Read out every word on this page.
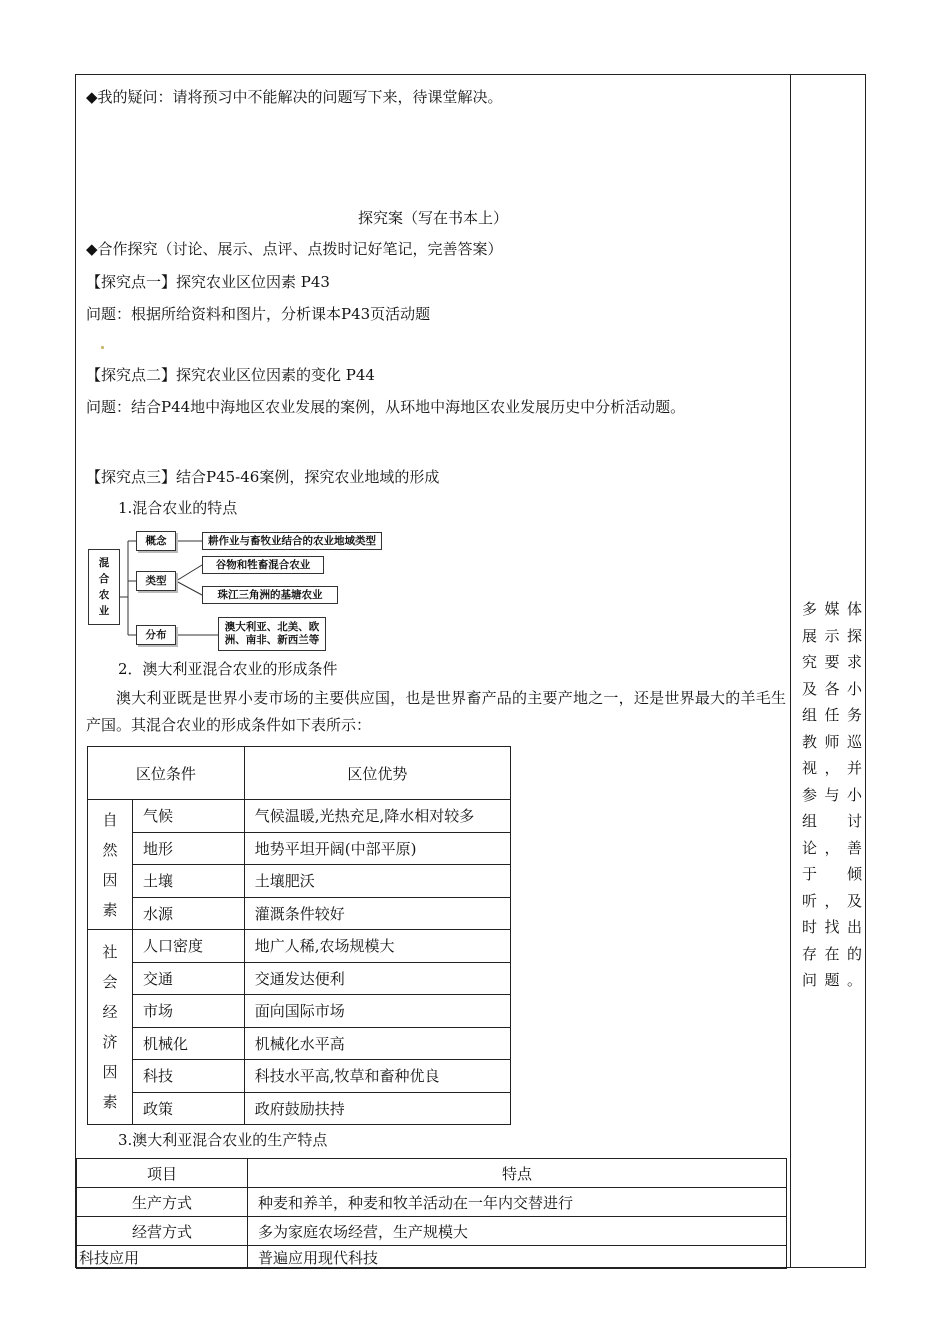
◆我的疑问：请将预习中不能解决的问题写下来，待课堂解决。
探究案（写在书本上）
◆合作探究（讨论、展示、点评、点拨时记好笔记，完善答案）
【探究点一】探究农业区位因素 P43
问题：根据所给资料和图片，分析课本P43页活动题
【探究点二】探究农业区位因素的变化 P44
问题：结合P44地中海地区农业发展的案例，从环地中海地区农业发展历史中分析活动题。
【探究点三】结合P45-46案例，探究农业地域的形成
1.混合农业的特点
混合农业
概念	耕作业与畜牧业结合的农业地域类型
类型
谷物和牲畜混合农业
珠江三角洲的基塘农业
分布
澳大利亚、北美、欧洲、南非、新西兰等
2．澳大利亚混合农业的形成条件
澳大利亚既是世界小麦市场的主要供应国，也是世界畜产品的主要产地之一，还是世界最大的羊毛生产国。其混合农业的形成条件如下表所示：
区位条件		区位优势

自然因素	气候	气候温暖,光热充足,降水相对较多
	地形	地势平坦开阔(中部平原)
	土壤	土壤肥沃
	水源	灌溉条件较好

社会经济因素	人口密度	地广人稀,农场规模大
	交通	交通发达便利
	市场	面向国际市场
	机械化	机械化水平高
	科技	科技水平高,牧草和畜种优良
	政策	政府鼓励扶持
3.澳大利亚混合农业的生产特点
项目	特点
生产方式	种麦和养羊，种麦和牧羊活动在一年内交替进行
经营方式	多为家庭农场经营，生产规模大
科技应用	普遍应用现代科技
多媒体
展示探
究要求
及各小
组任务
教师巡
视，并
参与小
组 讨
论，善
于 倾
听，及
时找出
存在的
问题。
